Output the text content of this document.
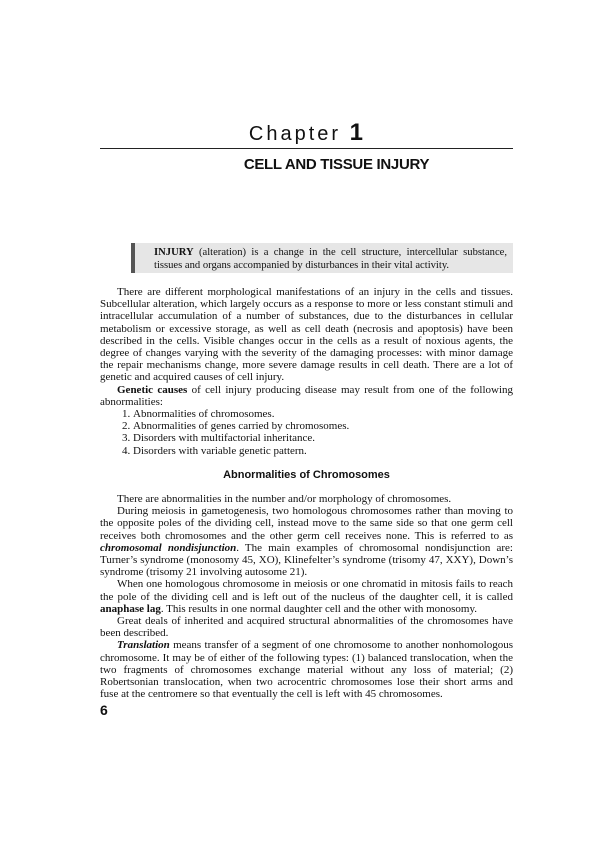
Chapter 1
CELL AND TISSUE INJURY
INJURY (alteration) is a change in the cell structure, intercellular substance, tissues and organs accompanied by disturbances in their vital activity.

There are different morphological manifestations of an injury in the cells and tissues. Subcellular alteration, which largely occurs as a response to more or less constant stimuli and intracellular accumulation of a number of substances, due to the disturbances in cellular metabolism or excessive storage, as well as cell death (necrosis and apoptosis) have been described in the cells. Visible changes occur in the cells as a result of noxious agents, the degree of changes varying with the severity of the damaging processes: with minor damage the repair mechanisms change, more severe damage results in cell death. There are a lot of genetic and acquired causes of cell injury.

Genetic causes of cell injury producing disease may result from one of the following abnormalities:

1. Abnormalities of chromosomes.
2. Abnormalities of genes carried by chromosomes.
3. Disorders with multifactorial inheritance.
4. Disorders with variable genetic pattern.
Abnormalities of Chromosomes

There are abnormalities in the number and/or morphology of chromosomes.

During meiosis in gametogenesis, two homologous chromosomes rather than moving to the opposite poles of the dividing cell, instead move to the same side so that one germ cell receives both chromosomes and the other germ cell receives none. This is referred to as chromosomal nondisjunction. The main examples of chromosomal nondisjunction are: Turner’s syndrome (monosomy 45, XO), Klinefelter’s syndrome (trisomy 47, XXY), Down’s syndrome (trisomy 21 involving autosome 21).

When one homologous chromosome in meiosis or one chromatid in mitosis fails to reach the pole of the dividing cell and is left out of the nucleus of the daughter cell, it is called anaphase lag. This results in one normal daughter cell and the other with monosomy.

Great deals of inherited and acquired structural abnormalities of the chromosomes have been described.

Translation means transfer of a segment of one chromosome to another nonhomologous chromosome. It may be of either of the following types: (1) balanced translocation, when the two fragments of chromosomes exchange material without any loss of material; (2) Robertsonian translocation, when two acrocentric chromosomes lose their short arms and fuse at the centromere so that eventually the cell is left with 45 chromosomes.

6
